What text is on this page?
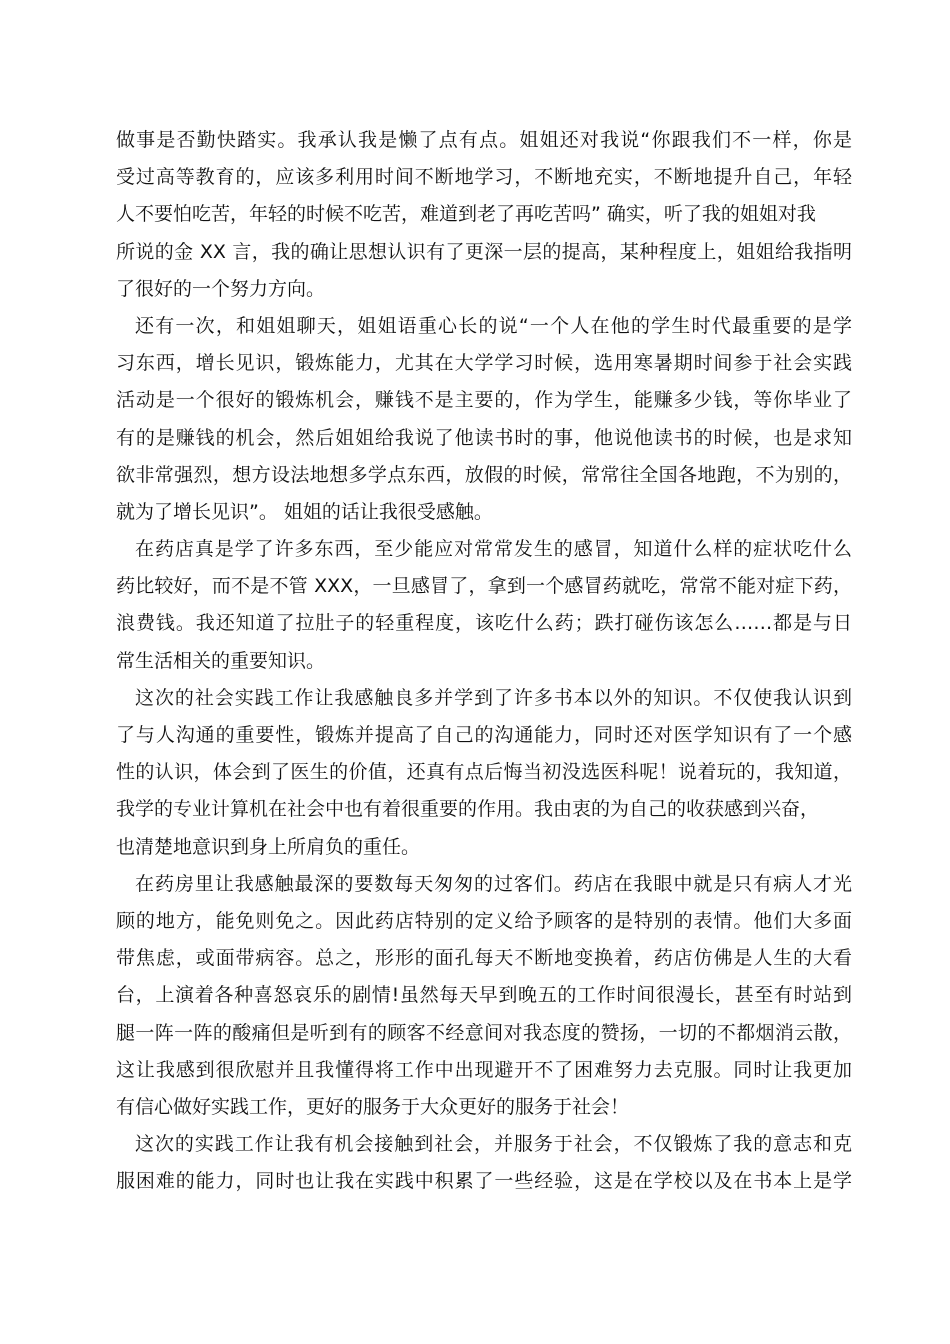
做事是否勤快踏实。我承认我是懒了点有点。姐姐还对我说“你跟我们不一样，你是
受过高等教育的，应该多利用时间不断地学习，不断地充实，不断地提升自己，年轻
人不要怕吃苦，年轻的时候不吃苦，难道到老了再吃苦吗” 确实，听了我的姐姐对我
所说的金 XX 言，我的确让思想认识有了更深一层的提高，某种程度上，姐姐给我指明
了很好的一个努力方向。
还有一次，和姐姐聊天，姐姐语重心长的说“一个人在他的学生时代最重要的是学
习东西，增长见识，锻炼能力，尤其在大学学习时候，选用寒暑期时间参于社会实践
活动是一个很好的锻炼机会，赚钱不是主要的，作为学生，能赚多少钱，等你毕业了
有的是赚钱的机会，然后姐姐给我说了他读书时的事，他说他读书的时候，也是求知
欲非常强烈，想方设法地想多学点东西，放假的时候，常常往全国各地跑，不为别的，
就为了增长见识”。 姐姐的话让我很受感触。
在药店真是学了许多东西，至少能应对常常发生的感冒，知道什么样的症状吃什么
药比较好，而不是不管 XXX，一旦感冒了，拿到一个感冒药就吃，常常不能对症下药，
浪费钱。我还知道了拉肚子的轻重程度，该吃什么药；跌打碰伤该怎么……都是与日
常生活相关的重要知识。
这次的社会实践工作让我感触良多并学到了许多书本以外的知识。不仅使我认识到
了与人沟通的重要性，锻炼并提高了自己的沟通能力，同时还对医学知识有了一个感
性的认识，体会到了医生的价值，还真有点后悔当初没选医科呢！说着玩的，我知道，
我学的专业计算机在社会中也有着很重要的作用。我由衷的为自己的收获感到兴奋，
也清楚地意识到身上所肩负的重任。
在药房里让我感触最深的要数每天匆匆的过客们。药店在我眼中就是只有病人才光
顾的地方，能免则免之。因此药店特别的定义给予顾客的是特别的表情。他们大多面
带焦虑，或面带病容。总之，形形的面孔每天不断地变换着，药店仿佛是人生的大看
台，上演着各种喜怒哀乐的剧情!虽然每天早到晚五的工作时间很漫长，甚至有时站到
腿一阵一阵的酸痛但是听到有的顾客不经意间对我态度的赞扬，一切的不都烟消云散，
这让我感到很欣慰并且我懂得将工作中出现避开不了困难努力去克服。同时让我更加
有信心做好实践工作，更好的服务于大众更好的服务于社会！
这次的实践工作让我有机会接触到社会，并服务于社会，不仅锻炼了我的意志和克
服困难的能力，同时也让我在实践中积累了一些经验，这是在学校以及在书本上是学
